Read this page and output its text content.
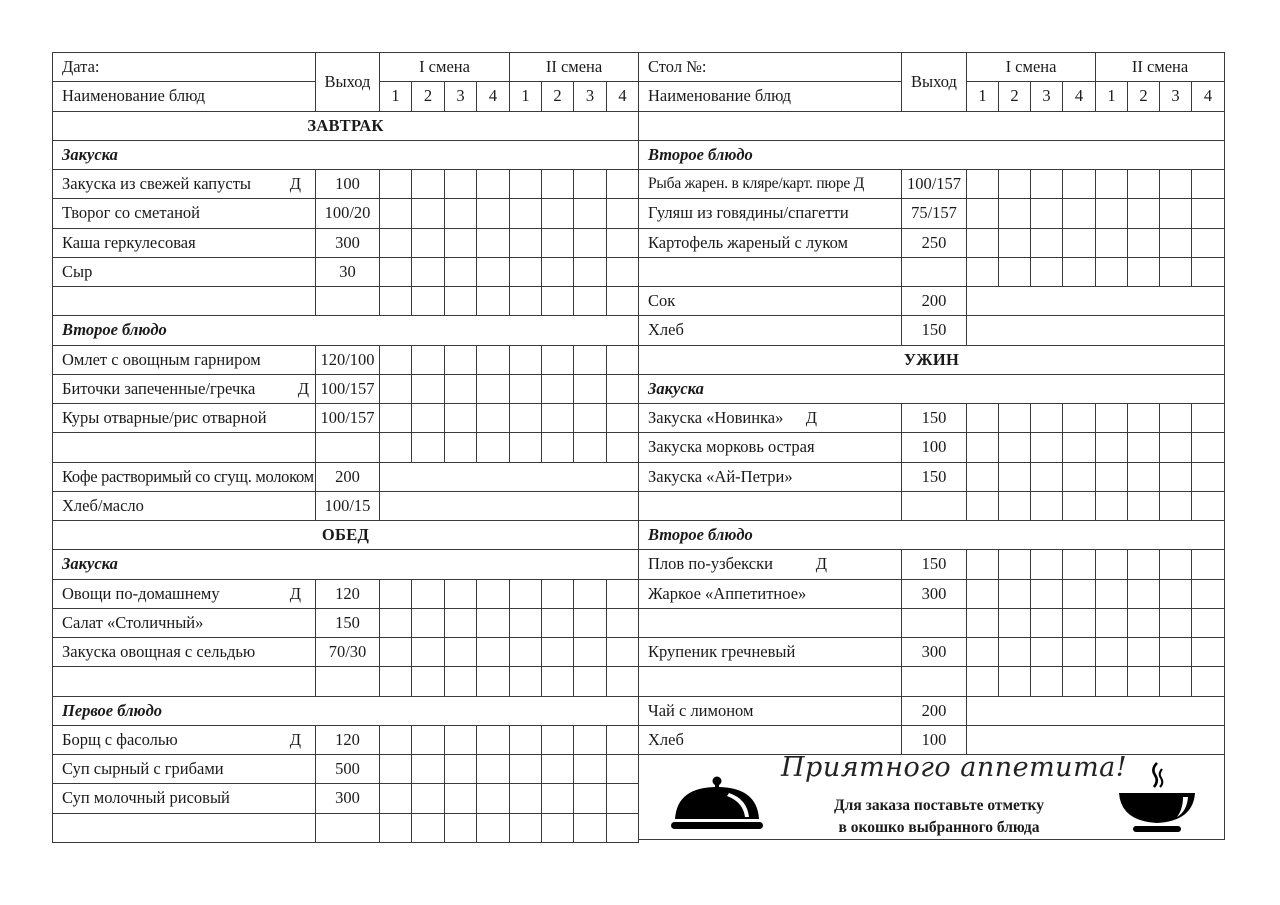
Дата:	Выход	I смена				II смена			
Наименование блюд		1	2	3	4	1	2	3	4
ЗАВТРАК									
Закуска									
Закуска из свежей капусты Д	100								
Творог со сметаной	100/20								
Каша геркулесовая	300								
Сыр	30								

Второе блюдо									
Омлет с овощным гарниром	120/100								
Биточки запеченные/гречка Д	100/157								
Куры отварные/рис отварной	100/157								

Кофе растворимый со сгущ. молоком	200								
Хлеб/масло	100/15								
ОБЕД									
Закуска									
Овощи по-домашнему Д	120								
Салат «Столичный»	150								
Закуска овощная с сельдью	70/30								

Первое блюдо									
Борщ с фасолью Д	120								
Суп сырный с грибами	500								
Суп молочный рисовый	300								

Стол №:	Выход	I смена				II смена			
Наименование блюд		1	2	3	4	1	2	3	4

Второе блюдо									
Рыба жарен. в кляре/карт. пюре Д	100/157								
Гуляш из говядины/спагетти	75/157								
Картофель жареный с луком	250								

Сок	200								
Хлеб	150								
УЖИН									
Закуска									
Закуска «Новинка» Д	150								
Закуска морковь острая	100								
Закуска «Ай-Петри»	150								

Второе блюдо									
Плов по-узбекски Д	150								
Жаркое «Аппетитное»	300								

Крупеник гречневый	300								

Чай с лимоном	200								
Хлеб	100								

Приятного аппетита!
Для заказа поставьте отметку
в окошко выбранного блюда									
